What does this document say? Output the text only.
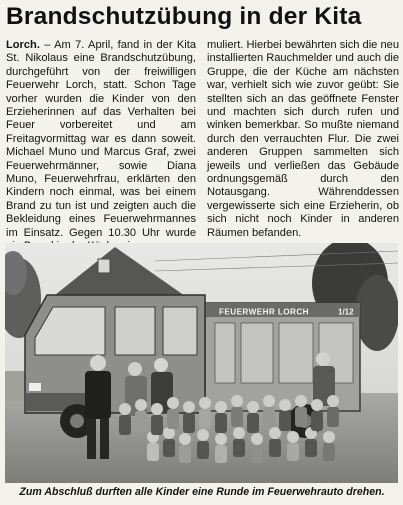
Brandschutzübung in der Kita

Lorch. – Am 7. April, fand in der Kita St. Nikolaus eine Brandschutzübung, durchgeführt von der freiwilligen Feuerwehr Lorch, statt. Schon Tage vorher wurden die Kinder von den Erzieherinnen auf das Verhalten bei Feuer vorbereitet und am Freitagvormittag war es dann soweit. Michael Muno und Marcus Graf, zwei Feuerwehrmänner, sowie Diana Muno, Feuerwehrfrau, erklärten den Kindern noch einmal, was bei einem Brand zu tun ist und zeigten auch die Bekleidung eines Feuerwehrmannes im Einsatz. Gegen 10.30 Uhr wurde

muliert. Hierbei bewährten sich die neu installierten Rauchmelder und auch die Gruppe, die der Küche am nächsten war, verhielt sich wie zuvor geübt: Sie stellten sich an das geöffnete Fenster und machten sich durch rufen und winken bemerkbar. So mußte niemand durch den verrauchten Flur. Die zwei anderen Gruppen sammelten sich jeweils und verließen das Gebäude ordnungsgemäß durch den Notausgang. Währenddessen vergewisserte sich eine Erzieherin, ob sich nicht noch Kinder in anderen Räumen befanden.

FEUERWEHR LORCH	1/12
Zum Abschluß durften alle Kinder eine Runde im Feuerwehrauto drehen.
